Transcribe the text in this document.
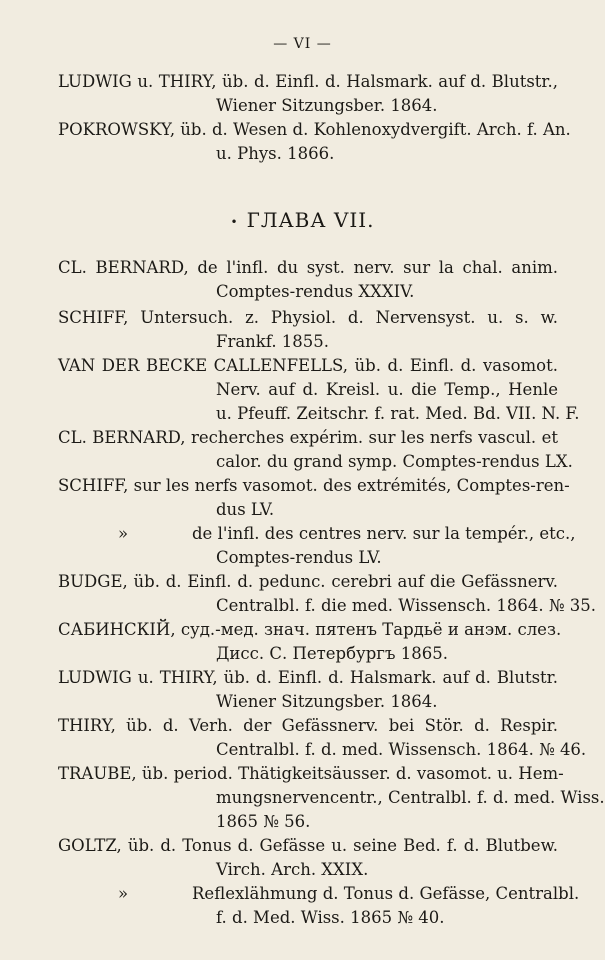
— VI —
LUDWIG u. THIRY, üb. d. Einfl. d. Halsmark. auf d. Blutstr.,
Wiener Sitzungsber. 1864.
POKROWSKY, üb. d. Wesen d. Kohlenoxydvergift. Arch. f. An.
u. Phys. 1866.
• ГЛАВА VII.
CL. BERNARD, de l'infl. du syst. nerv. sur la chal. anim.
Comptes-rendus XXXIV.
SCHIFF, Untersuch. z. Physiol. d. Nervensyst. u. s. w.
Frankf. 1855.
VAN DER BECKE CALLENFELLS, üb. d. Einfl. d. vasomot.
Nerv. auf d. Kreisl. u. die Temp., Henle
u. Pfeuff. Zeitschr. f. rat. Med. Bd. VII. N. F.
CL. BERNARD, recherches expérim. sur les nerfs vascul. et
calor. du grand symp. Comptes-rendus LX.
SCHIFF, sur les nerfs vasomot. des extrémités, Comptes-ren-
dus LV.
»	de l'infl. des centres nerv. sur la tempér., etc.,
Comptes-rendus LV.
BUDGE, üb. d. Einfl. d. pedunc. cerebri auf die Gefässnerv.
Centralbl. f. die med. Wissensch. 1864. № 35.
САБИНСКІЙ, суд.-мед. знач. пятенъ Тардьё и анэм. слез.
Дисс. С. Петербургъ 1865.
LUDWIG u. THIRY, üb. d. Einfl. d. Halsmark. auf d. Blutstr.
Wiener Sitzungsber. 1864.
THIRY, üb. d. Verh. der Gefässnerv. bei Stör. d. Respir.
Centralbl. f. d. med. Wissensch. 1864. № 46.
TRAUBE, üb. period. Thätigkeitsäusser. d. vasomot. u. Hem-
mungsnervencentr., Centralbl. f. d. med. Wiss.
1865 № 56.
GOLTZ, üb. d. Tonus d. Gefässe u. seine Bed. f. d. Blutbew.
Virch. Arch. XXIX.
»	Reflexlähmung d. Tonus d. Gefässe, Centralbl.
f. d. Med. Wiss. 1865 № 40.
